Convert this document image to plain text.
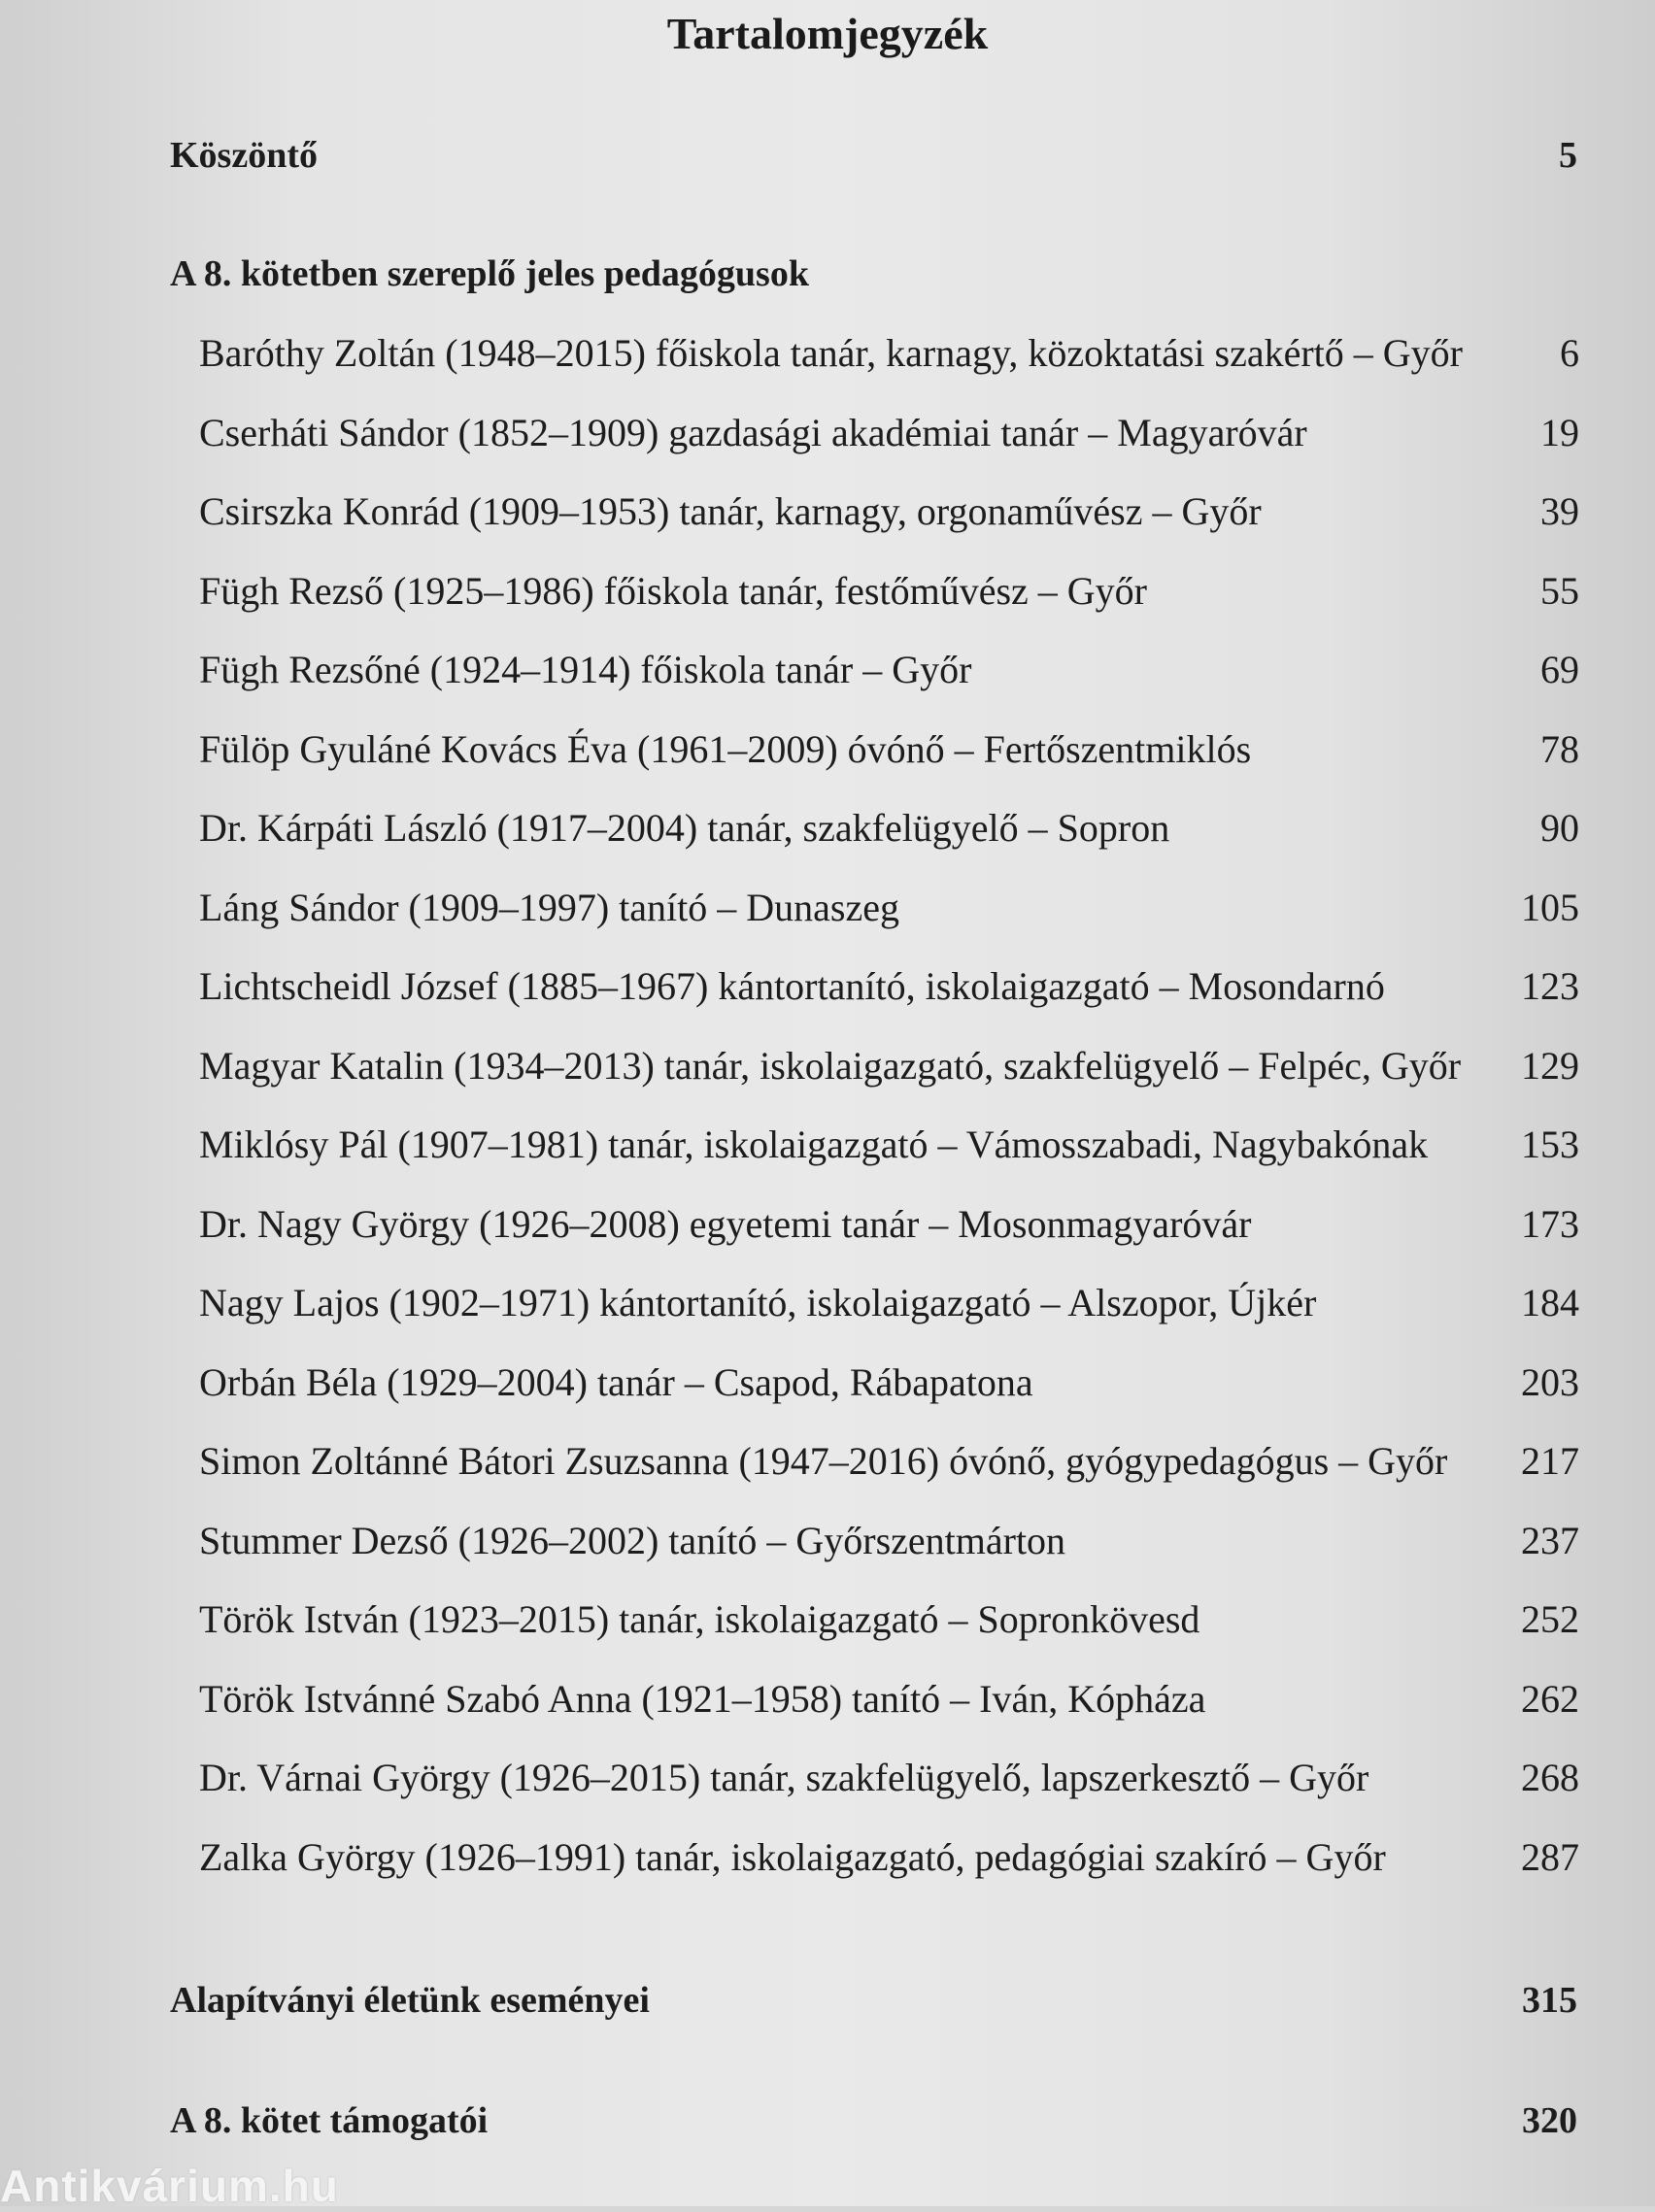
Tartalomjegyzék
Köszöntő	5
A 8. kötetben szereplő jeles pedagógusok
Baróthy Zoltán (1948–2015) főiskola tanár, karnagy, közoktatási szakértő – Győr	6
Cserháti Sándor (1852–1909) gazdasági akadémiai tanár – Magyaróvár	19
Csirszka Konrád (1909–1953) tanár, karnagy, orgonaművész – Győr	39
Fügh Rezső (1925–1986) főiskola tanár, festőművész – Győr	55
Fügh Rezsőné (1924–1914) főiskola tanár – Győr	69
Fülöp Gyuláné Kovács Éva (1961–2009) óvónő – Fertőszentmiklós	78
Dr. Kárpáti László (1917–2004) tanár, szakfelügyelő – Sopron	90
Láng Sándor (1909–1997) tanító – Dunaszeg	105
Lichtscheidl József (1885–1967) kántortanító, iskolaigazgató – Mosondarnó	123
Magyar Katalin (1934–2013) tanár, iskolaigazgató, szakfelügyelő – Felpéc, Győr 129
Miklósy Pál (1907–1981) tanár, iskolaigazgató – Vámosszabadi, Nagybakónak 153
Dr. Nagy György (1926–2008) egyetemi tanár – Mosonmagyaróvár	173
Nagy Lajos (1902–1971) kántortanító, iskolaigazgató – Alszopor, Újkér	184
Orbán Béla (1929–2004) tanár – Csapod, Rábapatona	203
Simon Zoltánné Bátori Zsuzsanna (1947–2016) óvónő, gyógypedagógus – Győr 217
Stummer Dezső (1926–2002) tanító – Győrszentmárton	237
Török István (1923–2015) tanár, iskolaigazgató – Sopronkövesd	252
Török Istvánné Szabó Anna (1921–1958) tanító – Iván, Kópháza	262
Dr. Várnai György (1926–2015) tanár, szakfelügyelő, lapszerkesztő – Győr	268
Zalka György (1926–1991) tanár, iskolaigazgató, pedagógiai szakíró – Győr	287
Alapítványi életünk eseményei	315
A 8. kötet támogatói	320
Antikvárium.hu
